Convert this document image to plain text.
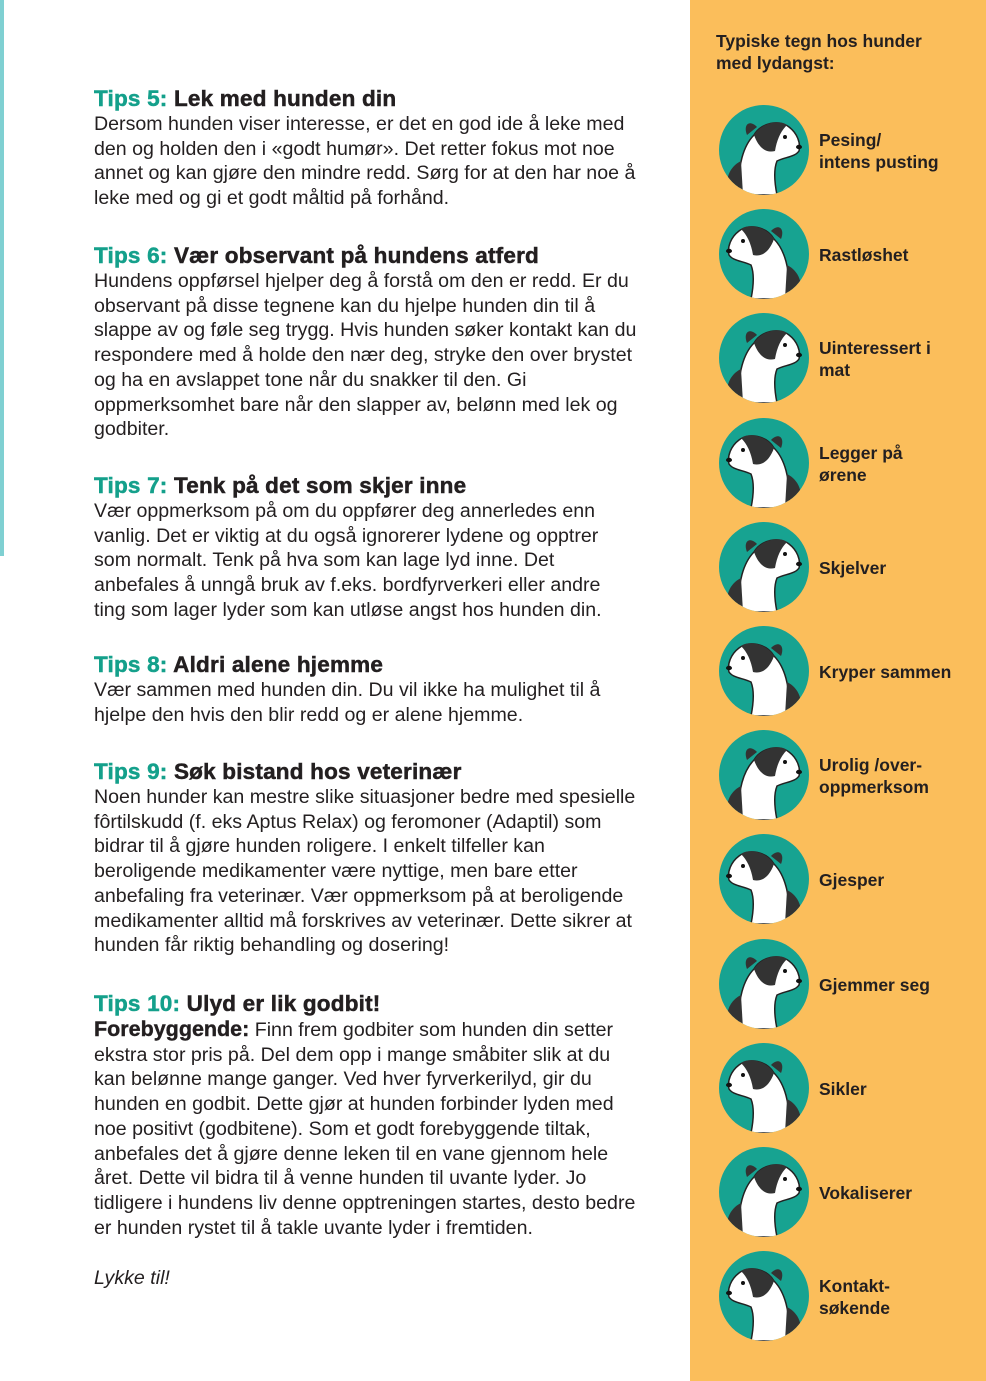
Tips 5: Lek med hunden din
Dersom hunden viser interesse, er det en god ide å leke med
den og holden den i «godt humør». Det retter fokus mot noe
annet og kan gjøre den mindre redd. Sørg for at den har noe å
leke med og gi et godt måltid på forhånd.
Tips 6: Vær observant på hundens atferd
Hundens oppførsel hjelper deg å forstå om den er redd. Er du
observant på disse tegnene kan du hjelpe hunden din til å
slappe av og føle seg trygg. Hvis hunden søker kontakt kan du
respondere med å holde den nær deg, stryke den over brystet
og ha en avslappet tone når du snakker til den. Gi
oppmerksomhet bare når den slapper av, belønn med lek og
godbiter.
Tips 7: Tenk på det som skjer inne
Vær oppmerksom på om du oppfører deg annerledes enn
vanlig. Det er viktig at du også ignorerer lydene og opptrer
som normalt. Tenk på hva som kan lage lyd inne. Det
anbefales å unngå bruk av f.eks. bordfyrverkeri eller andre
ting som lager lyder som kan utløse angst hos hunden din.
Tips 8: Aldri alene hjemme
Vær sammen med hunden din. Du vil ikke ha mulighet til å
hjelpe den hvis den blir redd og er alene hjemme.
Tips 9: Søk bistand hos veterinær
Noen hunder kan mestre slike situasjoner bedre med spesielle
fôrtilskudd (f. eks Aptus Relax) og feromoner (Adaptil) som
bidrar til å gjøre hunden roligere. I enkelt tilfeller kan
beroligende medikamenter være nyttige, men bare etter
anbefaling fra veterinær. Vær oppmerksom på at beroligende
medikamenter alltid må forskrives av veterinær. Dette sikrer at
hunden får riktig behandling og dosering!
Tips 10: Ulyd er lik godbit!
Forebyggende: Finn frem godbiter som hunden din setter
ekstra stor pris på. Del dem opp i mange småbiter slik at du
kan belønne mange ganger. Ved hver fyrverkerilyd, gir du
hunden en godbit. Dette gjør at hunden forbinder lyden med
noe positivt (godbitene). Som et godt forebyggende tiltak,
anbefales det å gjøre denne leken til en vane gjennom hele
året. Dette vil bidra til å venne hunden til uvante lyder. Jo
tidligere i hundens liv denne opptreningen startes, desto bedre
er hunden rystet til å takle uvante lyder i fremtiden.
Lykke til!
Typiske tegn hos hunder
med lydangst:
Pesing/
intens pusting
Rastløshet
Uinteressert i
mat
Legger på
ørene
Skjelver
Kryper sammen
Urolig /over-
oppmerksom
Gjesper
Gjemmer seg
Sikler
Vokaliserer
Kontakt-
søkende
